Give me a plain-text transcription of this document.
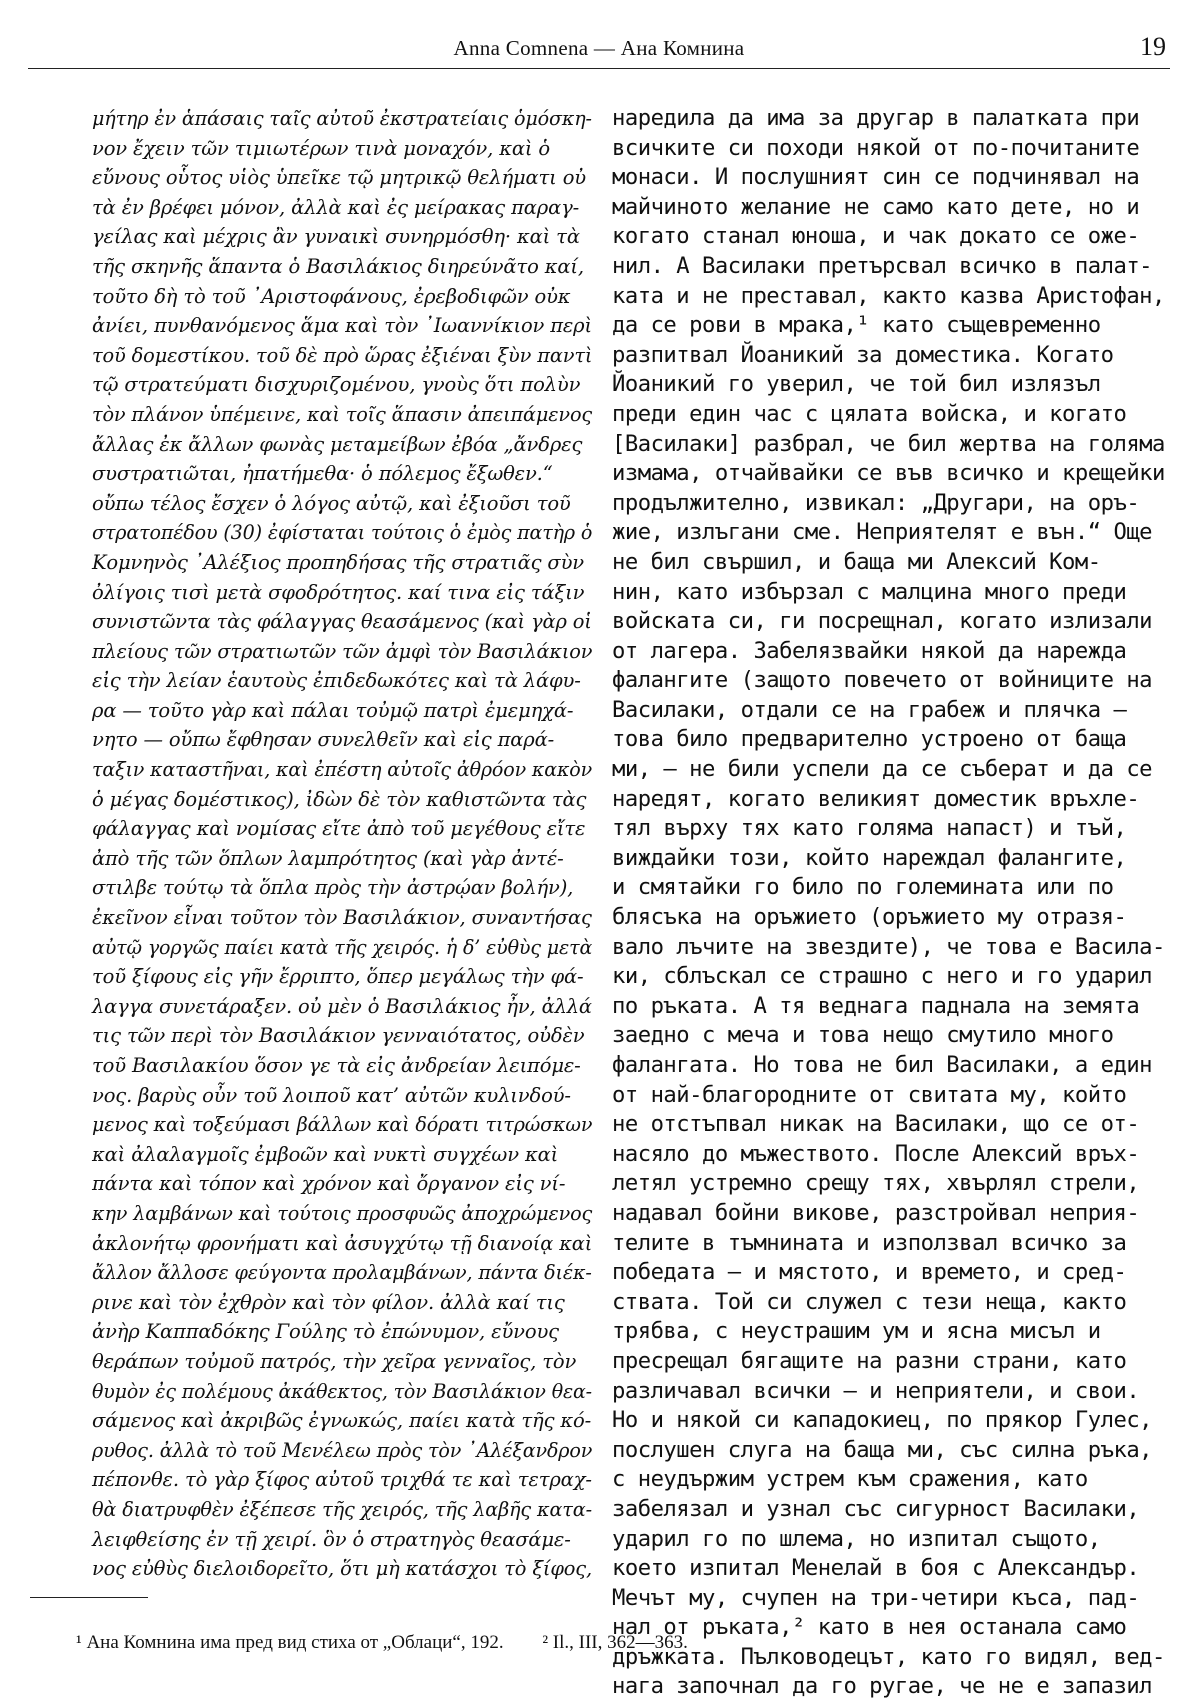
Anna Comnena — Ана Комнина	19
μήτηρ ἐν ἁπάσαις ταῖς αὐτοῦ ἐκστρατείαις ὁμόσκη-
νον ἔχειν τῶν τιμιωτέρων τινὰ μοναχόν, καὶ ὁ
εὔνους οὗτος υἱὸς ὑπεῖκε τῷ μητρικῷ θελήματι οὐ
τὰ ἐν βρέφει μόνον, ἀλλὰ καὶ ἐς μείρακας παραγ-
γείλας καὶ μέχρις ἂν γυναικὶ συνηρμόσθη· καὶ τὰ
τῆς σκηνῆς ἅπαντα ὁ Βασιλάκιος διηρεύνᾶτο καί,
τοῦτο δὴ τὸ τοῦ ᾿Αριστοφάνους, ἐρεβοδιφῶν οὐκ
ἀνίει, πυνθανόμενος ἅμα καὶ τὸν ᾿Ιωαννίκιον περὶ
τοῦ δομεστίκου. τοῦ δὲ πρὸ ὥρας ἐξιέναι ξὺν παντὶ
τῷ στρατεύματι δισχυριζομένου, γνοὺς ὅτι πολὺν
τὸν πλάνον ὑπέμεινε, καὶ τοῖς ἅπασιν ἀπειπάμενος
ἄλλας ἐκ ἄλλων φωνὰς μεταμείβων ἐβόα „ἄνδρες
συστρατιῶται, ἠπατήμεθα· ὁ πόλεμος ἔξωθεν.“
οὔπω τέλος ἔσχεν ὁ λόγος αὐτῷ, καὶ ἐξιοῦσι τοῦ
στρατοπέδου (30) ἐφίσταται τούτοις ὁ ἐμὸς πατὴρ ὁ
Κομνηνὸς ᾿Αλέξιος προπηδήσας τῆς στρατιᾶς σὺν
ὀλίγοις τισὶ μετὰ σφοδρότητος. καί τινα εἰς τάξιν
συνιστῶντα τὰς φάλαγγας θεασάμενος (καὶ γὰρ οἱ
πλείους τῶν στρατιωτῶν τῶν ἀμφὶ τὸν Βασιλάκιον
εἰς τὴν λείαν ἑαυτοὺς ἐπιδεδωκότες καὶ τὰ λάφυ-
ρα — τοῦτο γὰρ καὶ πάλαι τοὐμῷ πατρὶ ἐμεμηχά-
νητο — οὔπω ἔφθησαν συνελθεῖν καὶ εἰς παρά-
ταξιν καταστῆναι, καὶ ἐπέστη αὐτοῖς ἀθρόον κακὸν
ὁ μέγας δομέστικος), ἰδὼν δὲ τὸν καθιστῶντα τὰς
φάλαγγας καὶ νομίσας εἴτε ἀπὸ τοῦ μεγέθους εἴτε
ἀπὸ τῆς τῶν ὅπλων λαμπρότητος (καὶ γὰρ ἀντέ-
στιλβε τούτῳ τὰ ὅπλα πρὸς τὴν ἀστρῴαν βολήν),
ἐκεῖνον εἶναι τοῦτον τὸν Βασιλάκιον, συναντήσας
αὐτῷ γοργῶς παίει κατὰ τῆς χειρός. ἡ δ’ εὐθὺς μετὰ
τοῦ ξίφους εἰς γῆν ἔρριπτο, ὅπερ μεγάλως τὴν φά-
λαγγα συνετάραξεν. οὐ μὲν ὁ Βασιλάκιος ἦν, ἀλλά
τις τῶν περὶ τὸν Βασιλάκιον γενναιότατος, οὐδὲν
τοῦ Βασιλακίου ὅσον γε τὰ εἰς ἀνδρείαν λειπόμε-
νος. βαρὺς οὖν τοῦ λοιποῦ κατ’ αὐτῶν κυλινδού-
μενος καὶ τοξεύμασι βάλλων καὶ δόρατι τιτρώσκων
καὶ ἀλαλαγμοῖς ἐμβοῶν καὶ νυκτὶ συγχέων καὶ
πάντα καὶ τόπον καὶ χρόνον καὶ ὄργανον εἰς νί-
κην λαμβάνων καὶ τούτοις προσφυῶς ἀποχρώμενος
ἀκλονήτῳ φρονήματι καὶ ἀσυγχύτῳ τῇ διανοίᾳ καὶ
ἄλλον ἄλλοσε φεύγοντα προλαμβάνων, πάντα διέκ-
ρινε καὶ τὸν ἐχθρὸν καὶ τὸν φίλον. ἀλλὰ καί τις
ἀνὴρ Καππαδόκης Γούλης τὸ ἐπώνυμον, εὔνους
θεράπων τοὐμοῦ πατρός, τὴν χεῖρα γενναῖος, τὸν
θυμὸν ἐς πολέμους ἀκάθεκτος, τὸν Βασιλάκιον θεα-
σάμενος καὶ ἀκριβῶς ἐγνωκώς, παίει κατὰ τῆς κό-
ρυθος. ἀλλὰ τὸ τοῦ Μενέλεω πρὸς τὸν ᾿Αλέξανδρον
πέπονθε. τὸ γὰρ ξίφος αὐτοῦ τριχθά τε καὶ τετραχ-
θὰ διατρυφθὲν ἐξέπεσε τῆς χειρός, τῆς λαβῆς κατα-
λειφθείσης ἐν τῇ χειρί. ὃν ὁ στρατηγὸς θεασάμε-
νος εὐθὺς διελοιδορεῖτο, ὅτι μὴ κατάσχοι τὸ ξίφος,
наредила да има за другар в палатката при
всичките си походи някой от по-почитаните
монаси. И послушният син се подчинявал на
майчиното желание не само като дете, но и
когато станал юноша, и чак докато се оже-
нил. А Василаки претърсвал всичко в палат-
ката и не преставал, както казва Аристофан,
да се рови в мрака,¹ като същевременно
разпитвал Йоаникий за доместика. Когато
Йоаникий го уверил, че той бил излязъл
преди един час с цялата войска, и когато
[Василаки] разбрал, че бил жертва на голяма
измама, отчайвайки се във всичко и крещейки
продължително, извикал: „Другари, на оръ-
жие, излъгани сме. Неприятелят е вън.“ Още
не бил свършил, и баща ми Алексий Ком-
нин, като избързал с малцина много преди
войската си, ги посрещнал, когато излизали
от лагера. Забелязвайки някой да нарежда
фалангите (защото повечето от войниците на
Василаки, отдали се на грабеж и плячка —
това било предварително устроено от баща
ми, — не били успели да се съберат и да се
наредят, когато великият доместик връхле-
тял върху тях като голяма напаст) и тъй,
виждайки този, който нареждал фалангите,
и смятайки го било по големината или по
блясъка на оръжието (оръжието му отразя-
вало лъчите на звездите), че това е Васила-
ки, сблъскал се страшно с него и го ударил
по ръката. А тя веднага паднала на земята
заедно с меча и това нещо смутило много
фалангата. Но това не бил Василаки, а един
от най-благородните от свитата му, който
не отстъпвал никак на Василаки, що се от-
насяло до мъжеството. После Алексий връх-
летял устремно срещу тях, хвърлял стрели,
надавал бойни викове, разстройвал неприя-
телите в тъмнината и използвал всичко за
победата — и мястото, и времето, и сред-
ствата. Той си служел с тези неща, както
трябва, с неустрашим ум и ясна мисъл и
пресрещал бягащите на разни страни, като
различавал всички — и неприятели, и свои.
Но и някой си кападокиец, по прякор Гулес,
послушен слуга на баща ми, със силна ръка,
с неудържим устрем към сражения, като
забелязал и узнал със сигурност Василаки,
ударил го по шлема, но изпитал същото,
което изпитал Менелай в боя с Александър.
Мечът му, счупен на три-четири къса, пад-
нал от ръката,² като в нея останала само
дръжката. Пълководецът, като го видял, вед-
нага започнал да го ругае, че не е запазил
¹ Ана Комнина има пред вид стиха от „Облаци“, 192. ² Il., III, 362—363.
